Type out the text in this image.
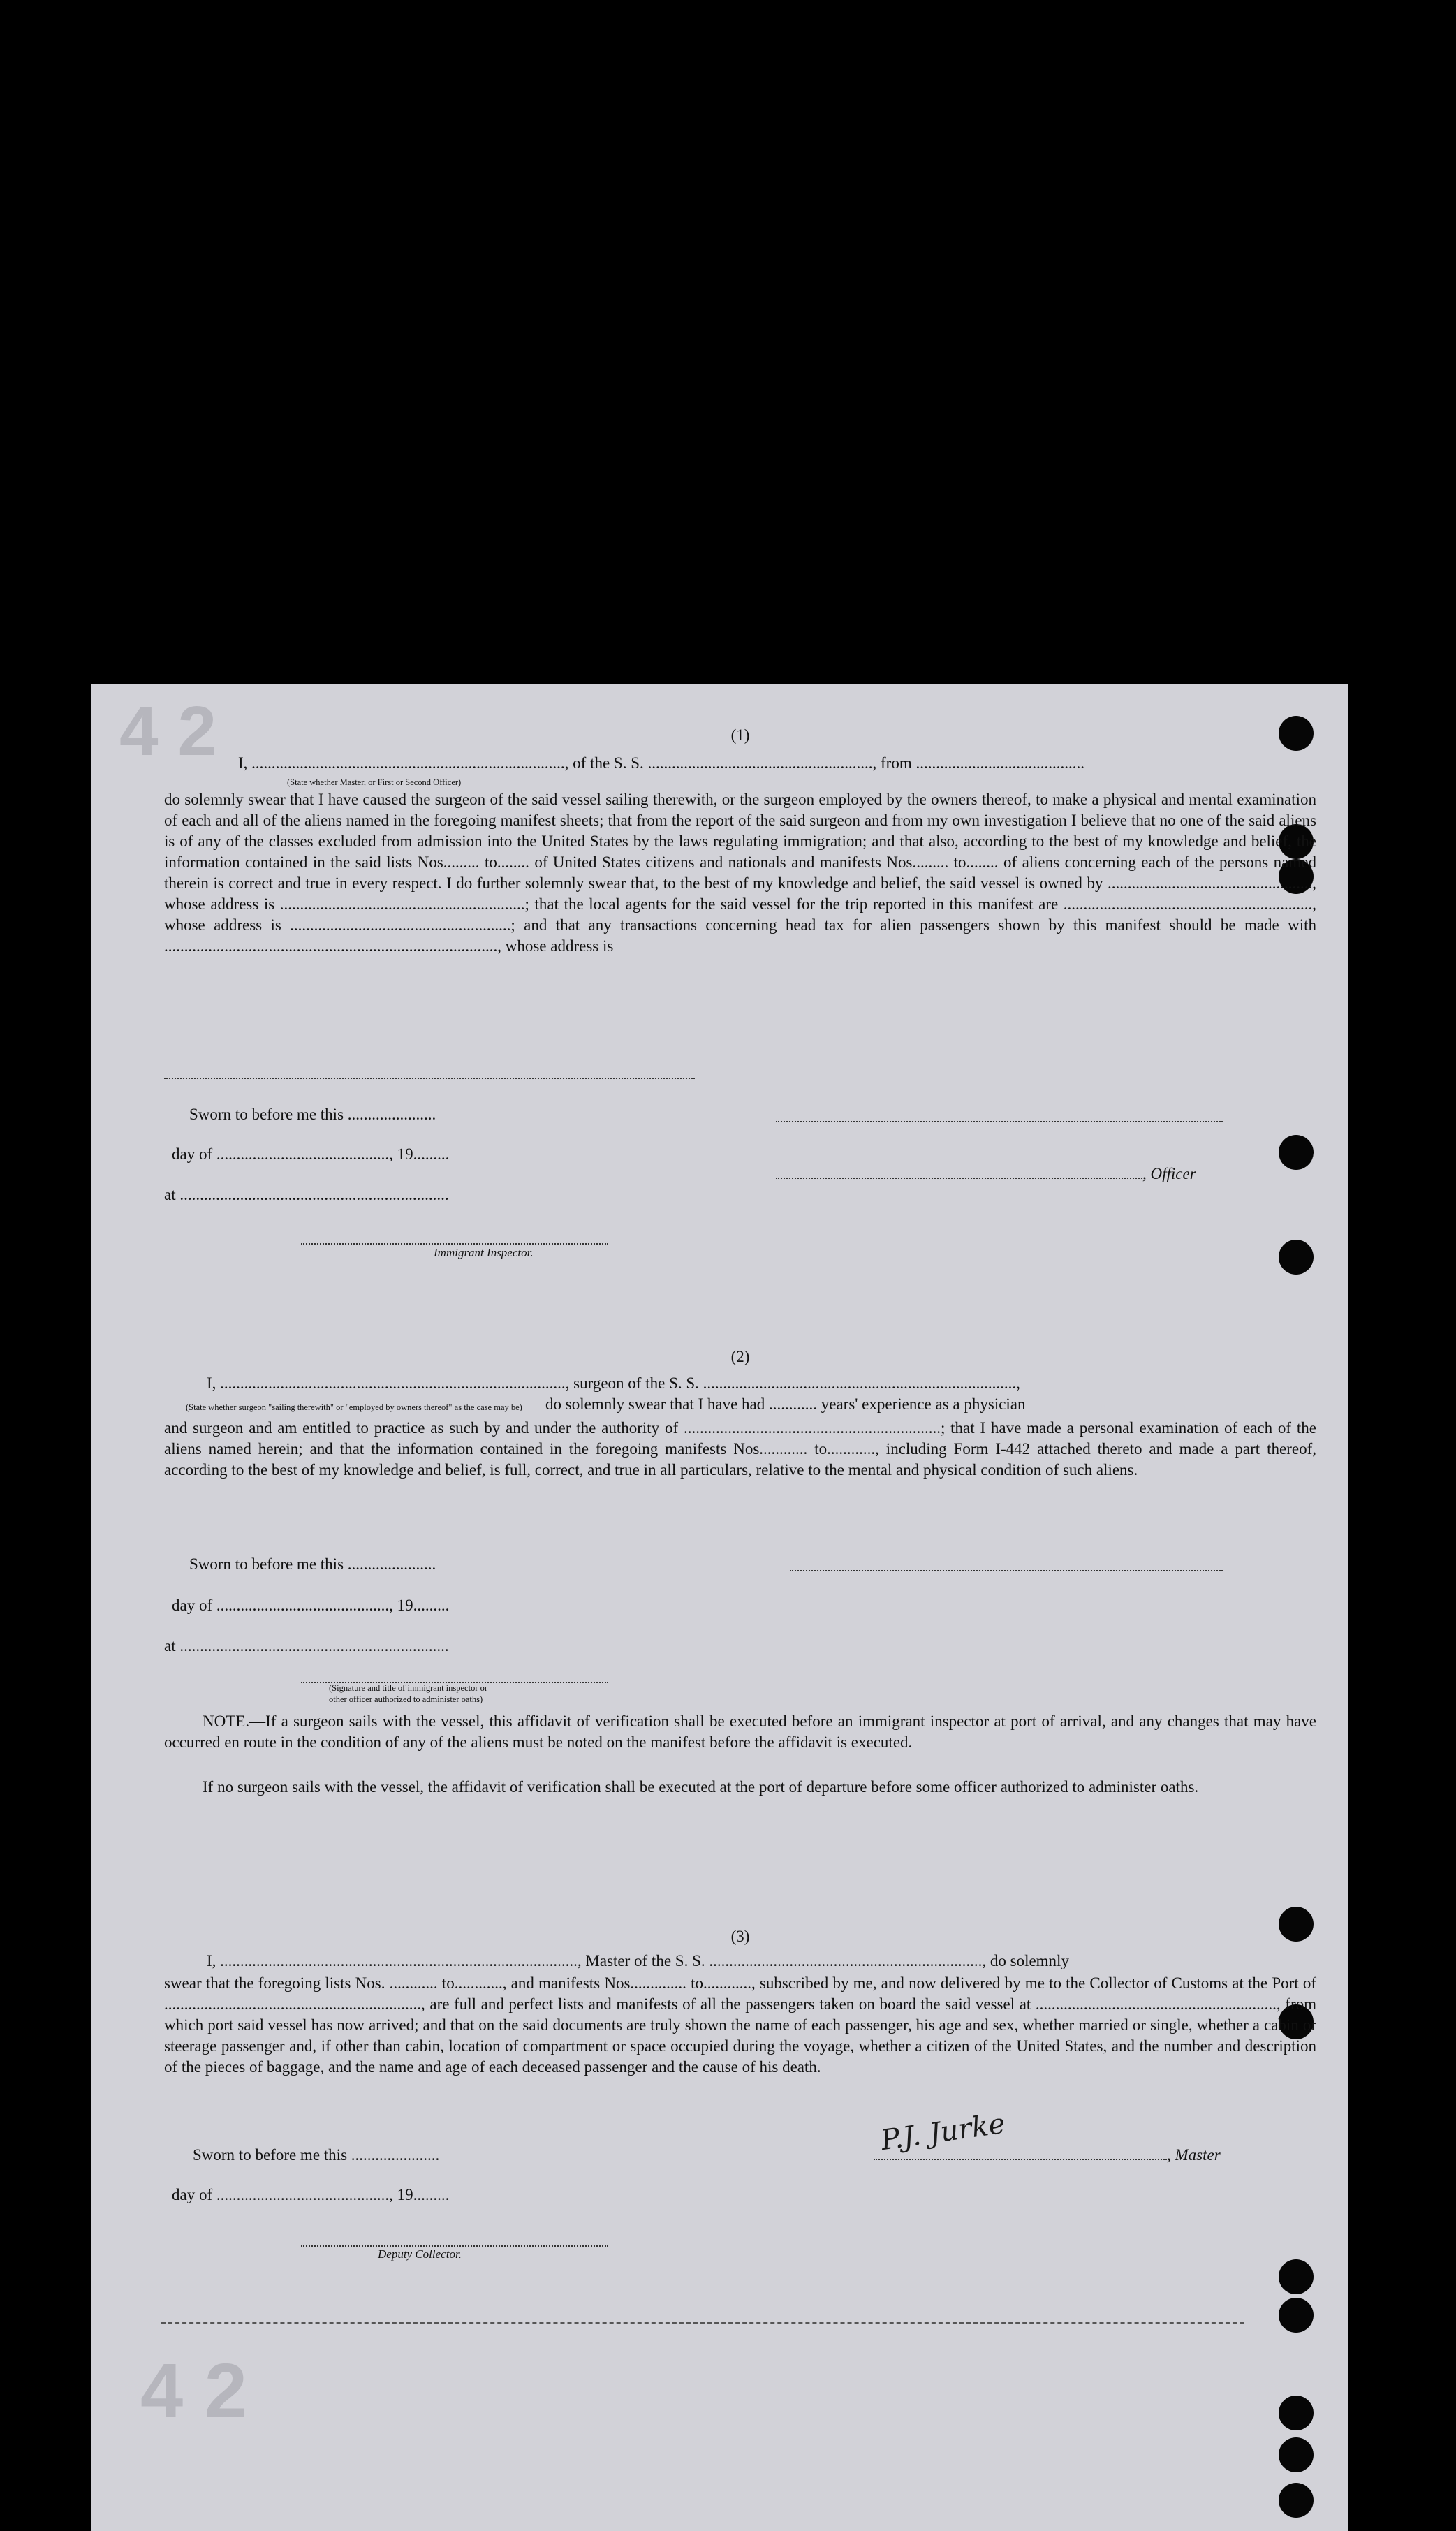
4 2
4 2
(1)
I, .............................................................................., of the S. S. ........................................................, from ..........................................
(State whether Master, or First or Second Officer)
do solemnly swear that I have caused the surgeon of the said vessel sailing therewith, or the surgeon employed by the owners thereof, to make a physical and mental examination of each and all of the aliens named in the foregoing manifest sheets; that from the report of the said surgeon and from my own investigation I believe that no one of the said aliens is of any of the classes excluded from admission into the United States by the laws regulating immigration; and that also, according to the best of my knowledge and belief, the information contained in the said lists Nos......... to........ of United States citizens and nationals and manifests Nos......... to........ of aliens concerning each of the persons named therein is correct and true in every respect. I do further solemnly swear that, to the best of my knowledge and belief, the said vessel is owned by ..................................................., whose address is .............................................................; that the local agents for the said vessel for the trip reported in this manifest are .............................................................., whose address is .......................................................; and that any transactions concerning head tax for alien passengers shown by this manifest should be made with ..................................................................................., whose address is
Sworn to before me this ......................
day of ..........................................., 19.........
, Officer
at ...................................................................
Immigrant Inspector.
(2)
I, ......................................................................................, surgeon of the S. S. ..............................................................................,
(State whether surgeon "sailing therewith" or "employed by owners thereof" as the case may be) do solemnly swear that I have had ............ years' experience as a physician
and surgeon and am entitled to practice as such by and under the authority of ................................................................; that I have made a personal examination of each of the aliens named herein; and that the information contained in the foregoing manifests Nos............ to............, including Form I-442 attached thereto and made a part thereof, according to the best of my knowledge and belief, is full, correct, and true in all particulars, relative to the mental and physical condition of such aliens.
Sworn to before me this ......................
day of ..........................................., 19.........
at ...................................................................
(Signature and title of immigrant inspector or
other officer authorized to administer oaths)
NOTE.—If a surgeon sails with the vessel, this affidavit of verification shall be executed before an immigrant inspector at port of arrival, and any changes that may have occurred en route in the condition of any of the aliens must be noted on the manifest before the affidavit is executed.
If no surgeon sails with the vessel, the affidavit of verification shall be executed at the port of departure before some officer authorized to administer oaths.
(3)
I, ........................................................................................., Master of the S. S. ...................................................................., do solemnly
swear that the foregoing lists Nos. ............ to............, and manifests Nos.............. to............, subscribed by me, and now delivered by me to the Collector of Customs at the Port of ................................................................, are full and perfect lists and manifests of all the passengers taken on board the said vessel at ............................................................, from which port said vessel has now arrived; and that on the said documents are truly shown the name of each passenger, his age and sex, whether married or single, whether a cabin or steerage passenger and, if other than cabin, location of compartment or space occupied during the voyage, whether a citizen of the United States, and the number and description of the pieces of baggage, and the name and age of each deceased passenger and the cause of his death.
Sworn to before me this ......................	, Master
P.J. Jurke
day of ..........................................., 19.........
Deputy Collector.
